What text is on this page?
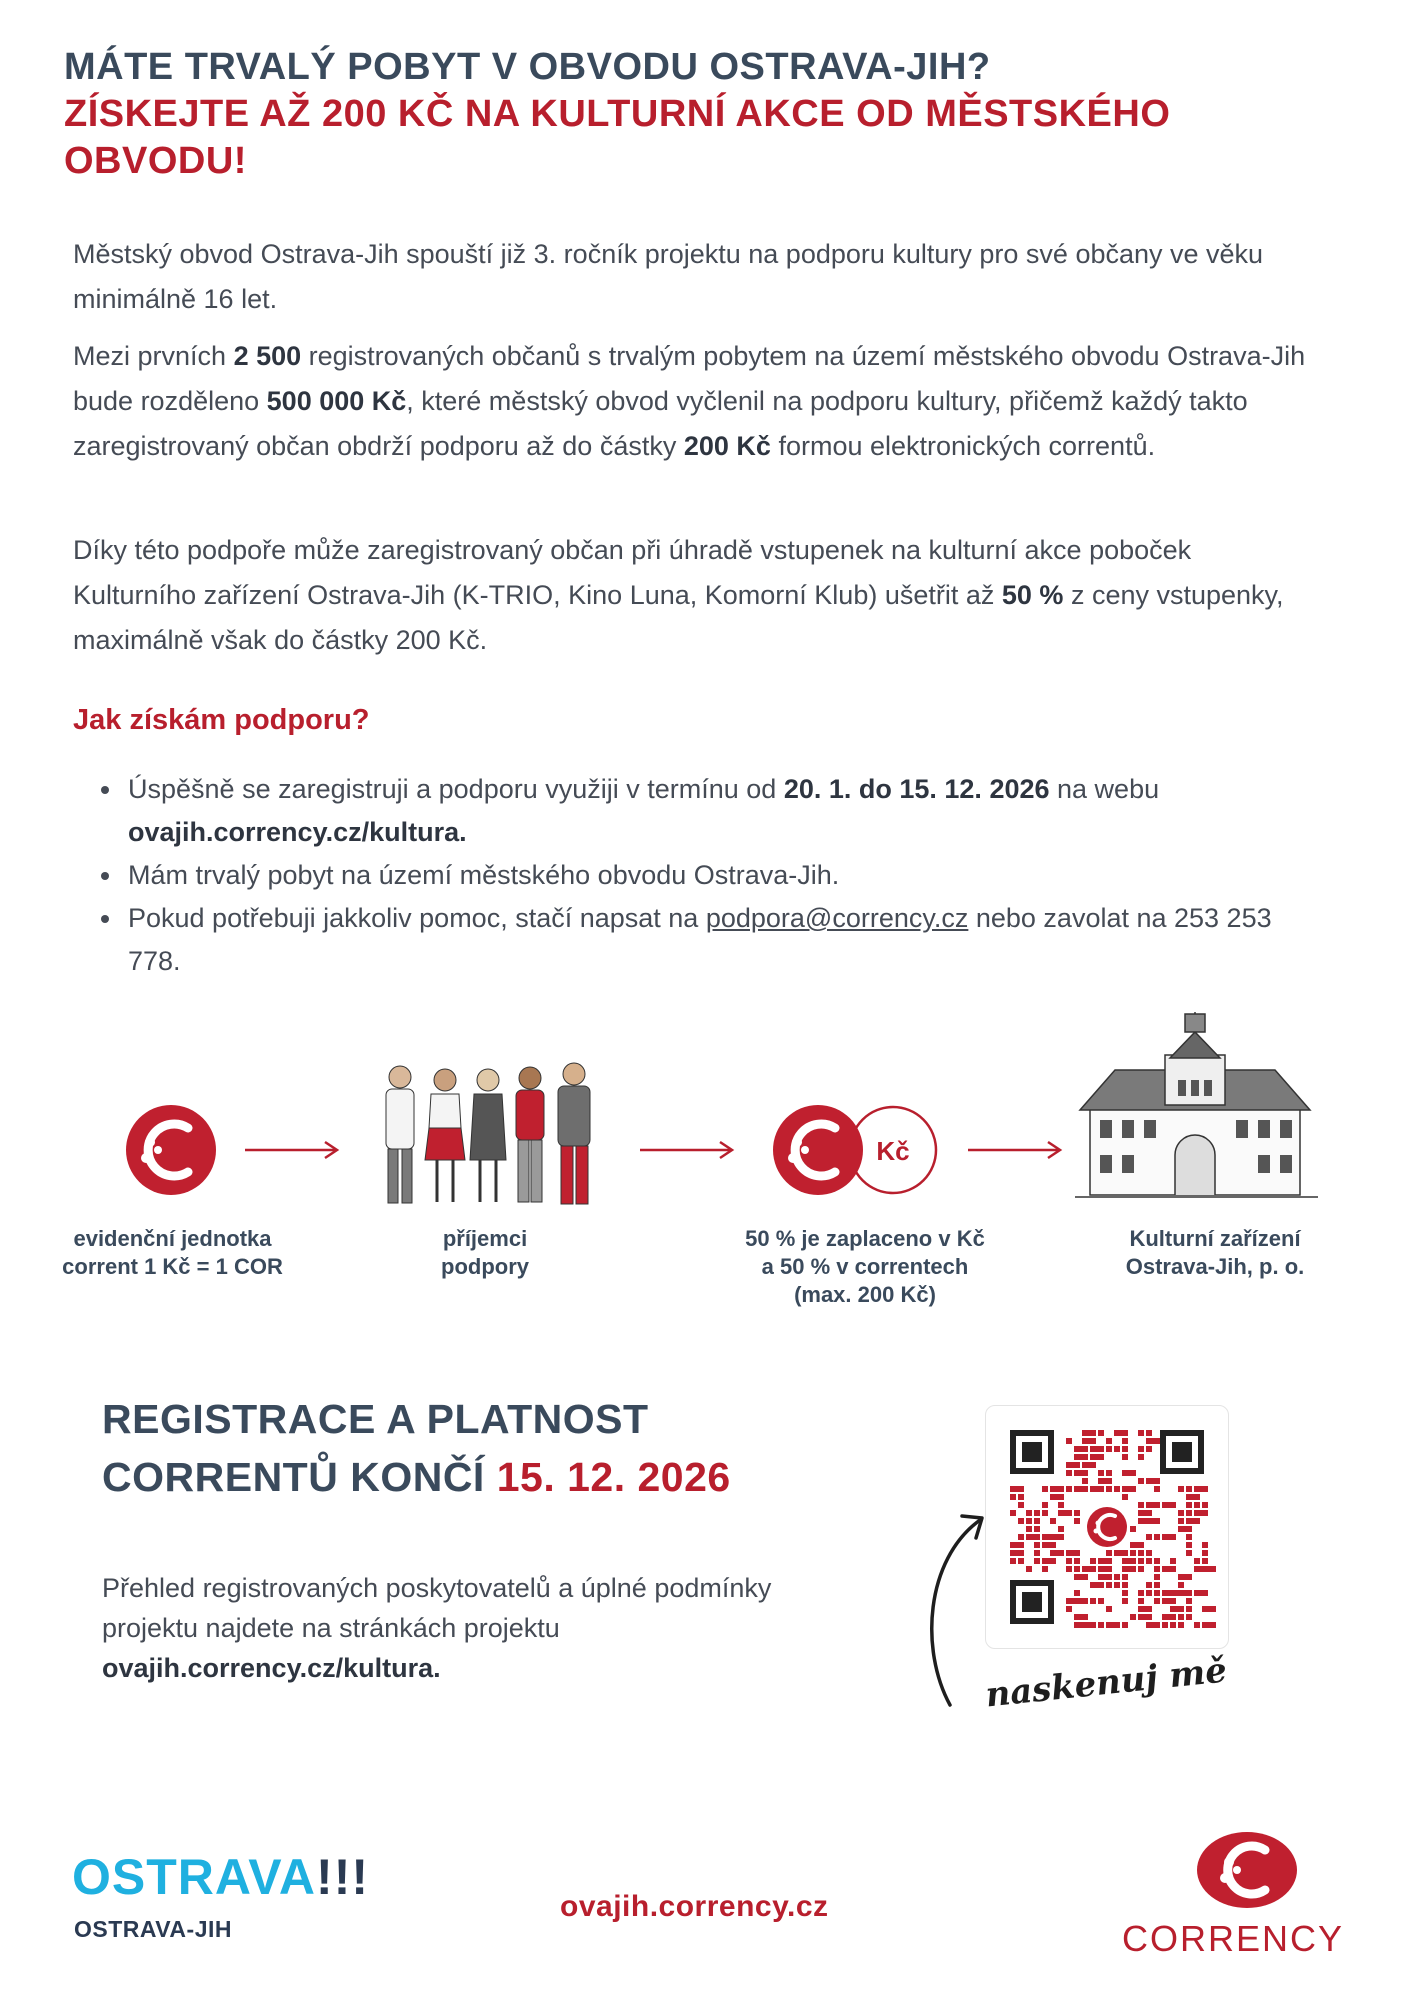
MÁTE TRVALÝ POBYT V OBVODU OSTRAVA-JIH?
ZÍSKEJTE AŽ 200 KČ NA KULTURNÍ AKCE OD MĚSTSKÉHO
OBVODU!

Městský obvod Ostrava-Jih spouští již 3. ročník projektu na podporu kultury pro své občany ve věku minimálně 16 let.

Mezi prvních 2 500 registrovaných občanů s trvalým pobytem na území městského obvodu Ostrava-Jih bude rozděleno 500 000 Kč, které městský obvod vyčlenil na podporu kultury, přičemž každý takto zaregistrovaný občan obdrží podporu až do částky 200 Kč formou elektronických correntů.

Díky této podpoře může zaregistrovaný občan při úhradě vstupenek na kulturní akce poboček Kulturního zařízení Ostrava-Jih (K-TRIO, Kino Luna, Komorní Klub) ušetřit až 50 % z ceny vstupenky, maximálně však do částky 200 Kč.

Jak získám podporu?
• Úspěšně se zaregistruji a podporu využiji v termínu od 20. 1. do 15. 12. 2026 na webu ovajih.corrency.cz/kultura.
• Mám trvalý pobyt na území městského obvodu Ostrava-Jih.
• Pokud potřebuji jakkoliv pomoc, stačí napsat na podpora@corrency.cz nebo zavolat na 253 253 778.
Kč
evidenční jednotka
corrent 1 Kč = 1 COR
příjemci
podpory
50 % je zaplaceno v Kč
a 50 % v correntech
(max. 200 Kč)
Kulturní zařízení
Ostrava-Jih, p. o.
REGISTRACE A PLATNOST
CORRENTŮ KONČÍ 15. 12. 2026

Přehled registrovaných poskytovatelů a úplné podmínky projektu najdete na stránkách projektu ovajih.corrency.cz/kultura.	naskenuj mě
OSTRAVA!!!
OSTRAVA-JIH
ovajih.corrency.cz
CORRENCY
